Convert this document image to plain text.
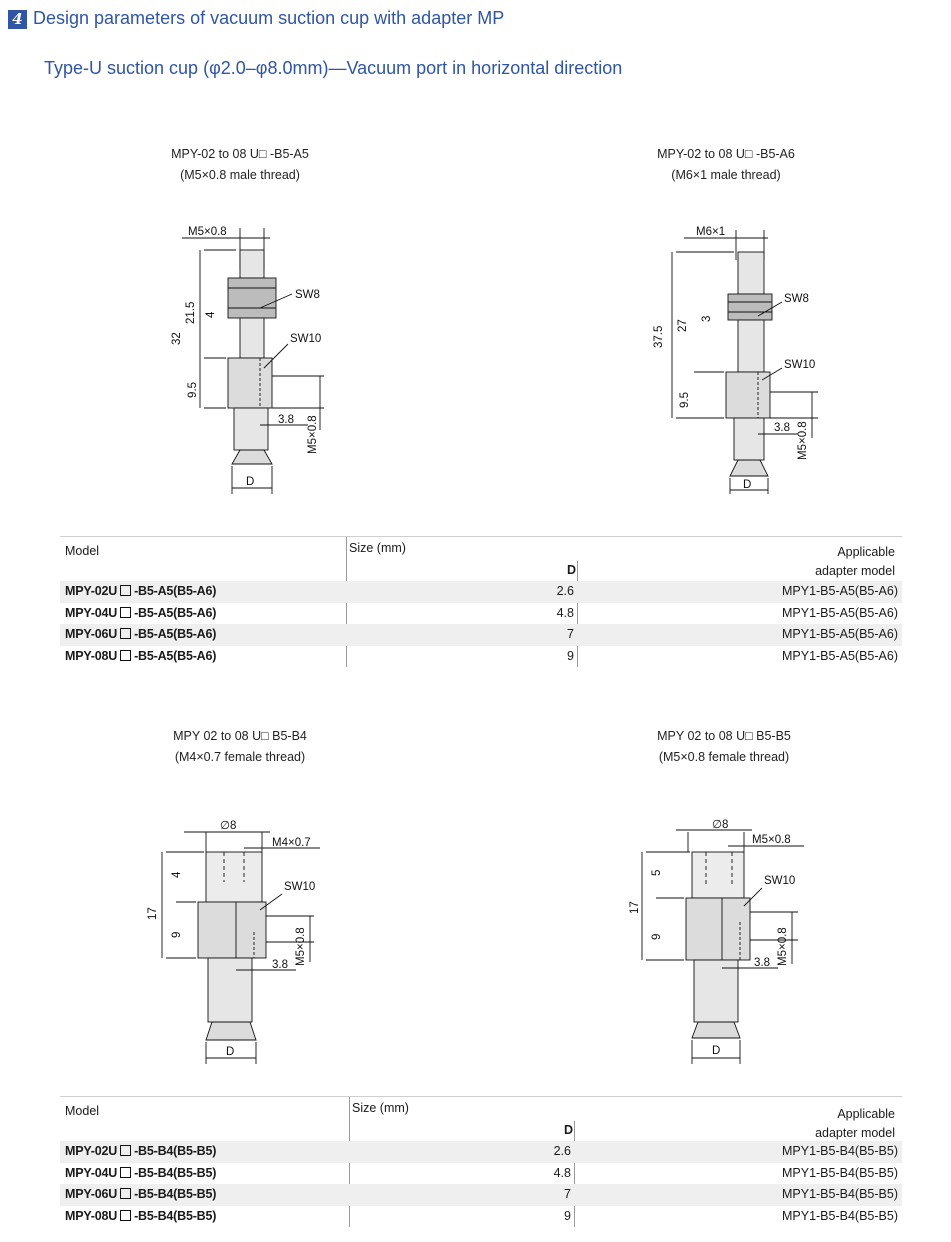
4 Design parameters of vacuum suction cup with adapter MP
Type-U suction cup (φ2.0–φ8.0mm)—Vacuum port in horizontal direction
MPY-02 to 08 U□ -B5-A5
(M5×0.8 male thread)
MPY-02 to 08 U□ -B5-A6
(M6×1 male thread)
MPY 02 to 08 U□ B5-B4
(M4×0.7 female thread)
MPY 02 to 08 U□ B5-B5
(M5×0.8 female thread)
M5×0.8
32
21.5 4
9.5
SW8
SW10
M5×0.8
3.8
D
M6×1
37.5
27
3
9.5
SW8
SW10
M5×0.8
3.8
D
∅8
M4×0.7
17
4
9
SW10
M5×0.8
3.8
D
∅8
M5×0.8
17
5
9
SW10
M5×0.8
3.8
D
Model	Size (mm)
D
Applicable
adapter model
MPY-02U -B5-A5(B5-A6)	2.6	MPY1-B5-A5(B5-A6)
MPY-04U -B5-A5(B5-A6)	4.8	MPY1-B5-A5(B5-A6)
MPY-06U -B5-A5(B5-A6)	7	MPY1-B5-A5(B5-A6)
MPY-08U -B5-A5(B5-A6)	9	MPY1-B5-A5(B5-A6)
Model	Size (mm)
D
Applicable
adapter model
MPY-02U -B5-B4(B5-B5)	2.6	MPY1-B5-B4(B5-B5)
MPY-04U -B5-B4(B5-B5)	4.8	MPY1-B5-B4(B5-B5)
MPY-06U -B5-B4(B5-B5)	7	MPY1-B5-B4(B5-B5)
MPY-08U -B5-B4(B5-B5)	9	MPY1-B5-B4(B5-B5)
